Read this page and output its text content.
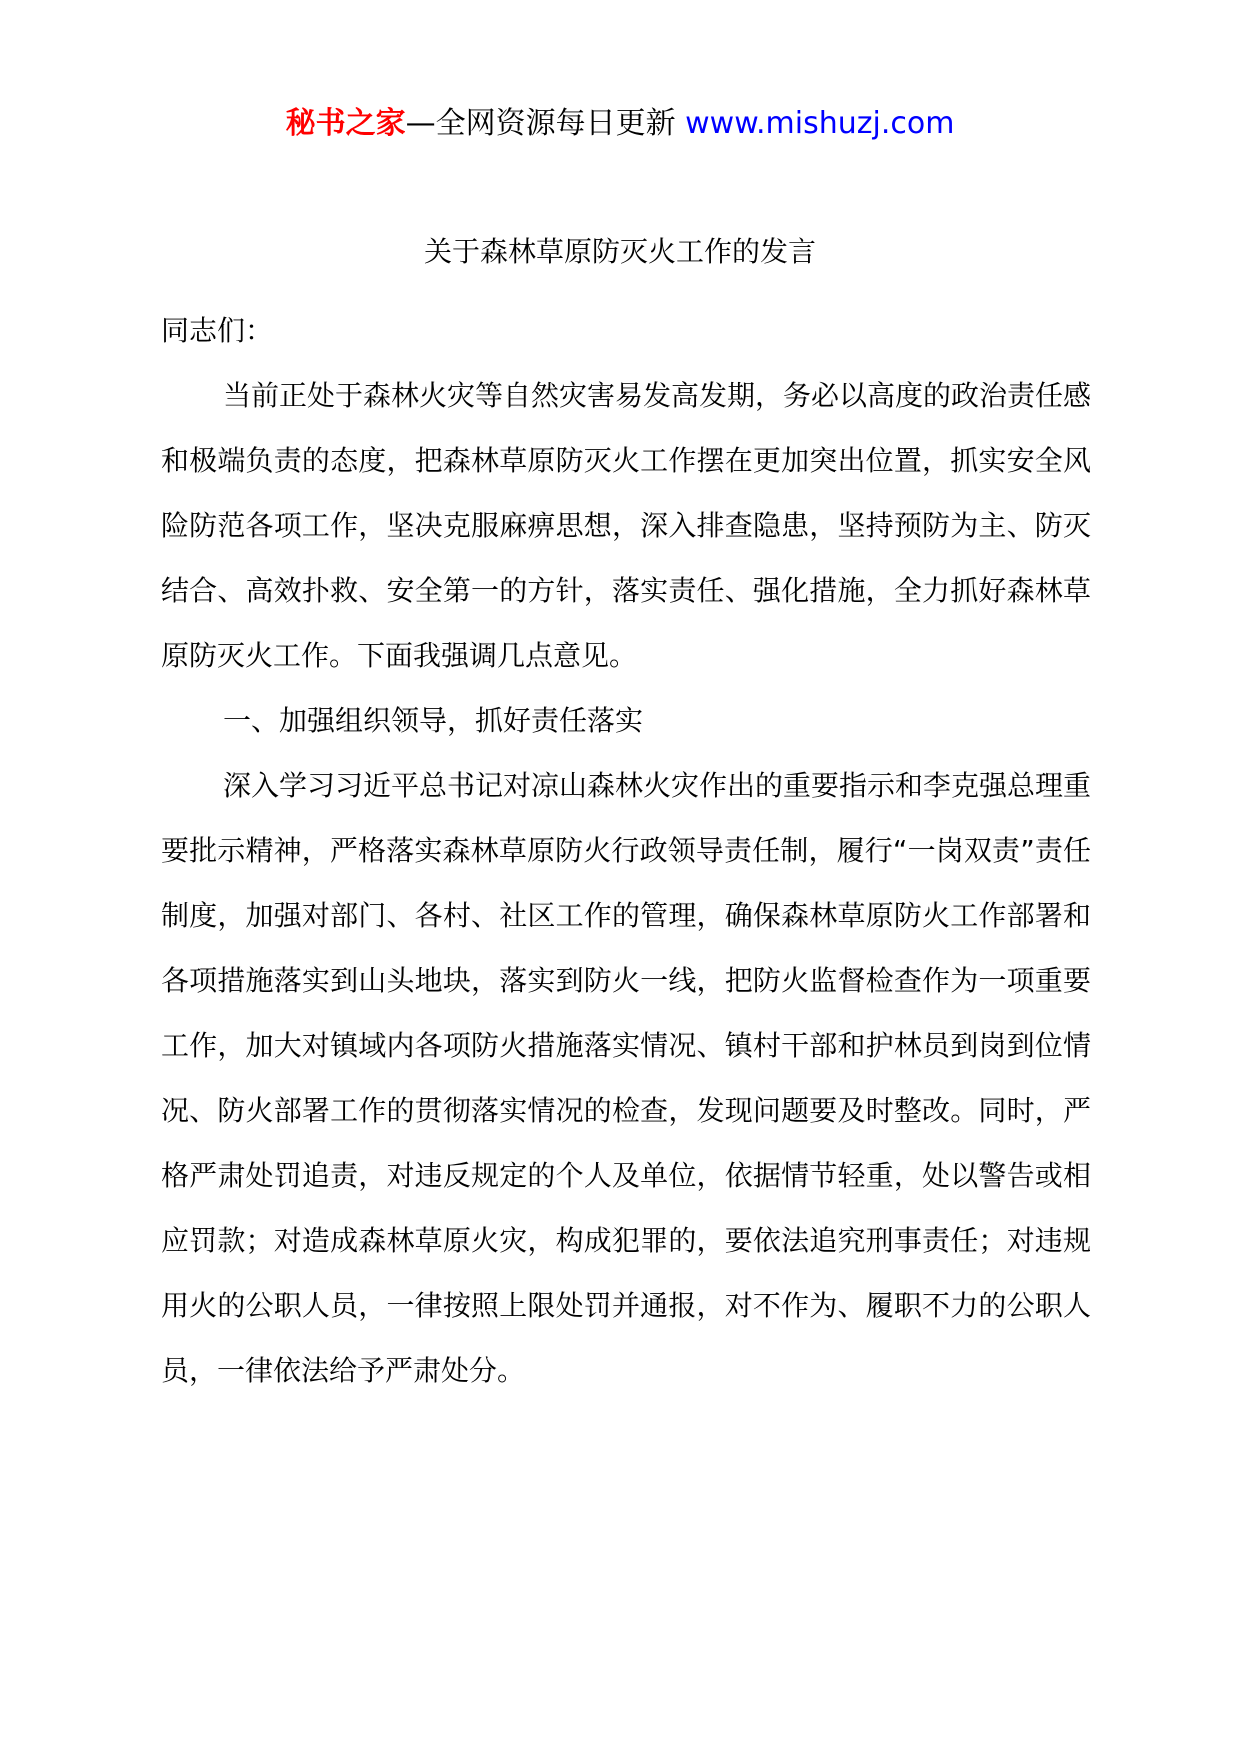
秘书之家—全网资源每日更新 www.mishuzj.com
关于森林草原防灭火工作的发言

同志们：

当前正处于森林火灾等自然灾害易发高发期，务必以高度的政治责任感和极端负责的态度，把森林草原防灭火工作摆在更加突出位置，抓实安全风险防范各项工作，坚决克服麻痹思想，深入排查隐患，坚持预防为主、防灭结合、高效扑救、安全第一的方针，落实责任、强化措施，全力抓好森林草原防灭火工作。下面我强调几点意见。

一、加强组织领导，抓好责任落实

深入学习习近平总书记对凉山森林火灾作出的重要指示和李克强总理重要批示精神，严格落实森林草原防火行政领导责任制，履行“一岗双责”责任制度，加强对部门、各村、社区工作的管理，确保森林草原防火工作部署和各项措施落实到山头地块，落实到防火一线，把防火监督检查作为一项重要工作，加大对镇域内各项防火措施落实情况、镇村干部和护林员到岗到位情况、防火部署工作的贯彻落实情况的检查，发现问题要及时整改。同时，严格严肃处罚追责，对违反规定的个人及单位，依据情节轻重，处以警告或相应罚款；对造成森林草原火灾，构成犯罪的，要依法追究刑事责任；对违规用火的公职人员，一律按照上限处罚并通报，对不作为、履职不力的公职人员，一律依法给予严肃处分。
